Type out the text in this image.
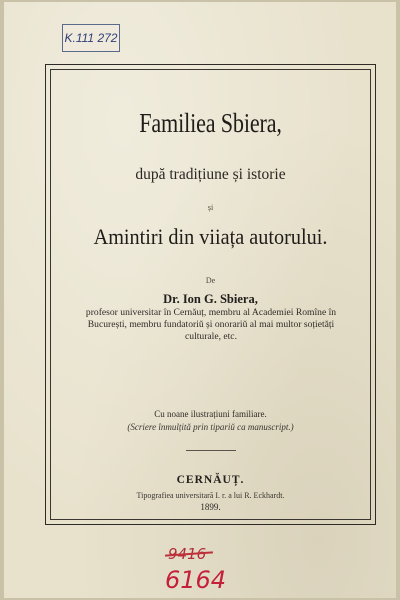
K.111 272
Familiea Sbiera,
după tradițiune și istorie
și
Amintiri din viiața autorului.
De
Dr. Ion G. Sbiera,
profesor universitar în Cernăuț, membru al Academiei Romîne în
București, membru fundatoriŭ și onorariŭ al mai multor soțietăți
culturale, etc.
Cu noane ilustrațiuni familiare.
(Scriere înmulțită prin tipariŭ ca manuscript.)
CERNĂUȚ.
Tipografiea universitară I. r. a lui R. Eckhardt.
1899.
9416
6164
